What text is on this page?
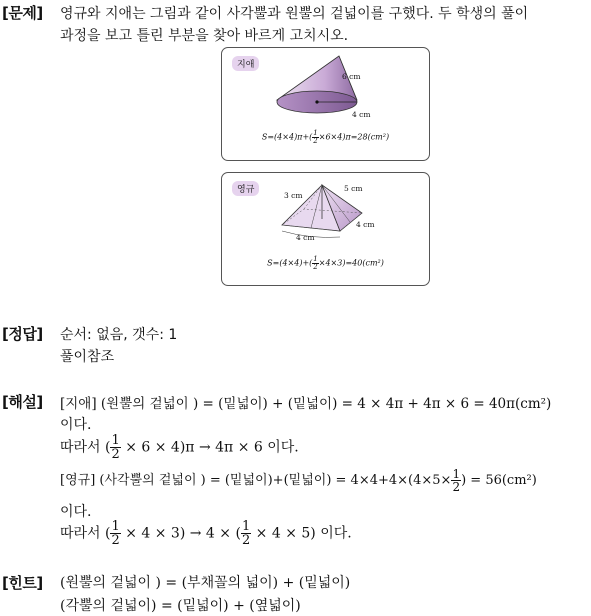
[문제] 영규와 지애는 그림과 같이 사각뿔과 원뿔의 겉넓이를 구했다. 두 학생의 풀이
과정을 보고 틀린 부분을 찾아 바르게 고치시오.
지애
6 cm
4 cm
$S=(4\times 4)\pi+( \frac{1}{2} \times 6\times 4)\pi=28(cm^2)$
영규
3 cm
5 cm
4 cm
4 cm
$S=(4\times 4)+( \frac{1}{2} \times 4\times 3)=40(cm^2)$
[정답] 순서: 없음, 갯수: 1
풀이참조
[해설] [지애] (원뿔의 겉넓이 ) = (밑넓이) + (밑넓이) = 4 × 4π + 4π × 6 = 40π(cm²)
이다.
따라서 ( $\frac{1}{2} \times 6 \times 4)\pi \to 4\pi \times 6$ 이다.
[영규] (사각뿔의 겉넓이 ) = (밑넓이)+(밑넓이) = $4\times 4+4\times(4\times 5\times \frac{1}{2}$ ) = 56(cm²)
이다.
따라서 ( $\frac{1}{2} \times 4 \times 3) \to 4$ × ( $\frac{1}{2} \times 4 \times 5$) 이다.
[힌트] (원뿔의 겉넓이 ) = (부채꼴의 넓이) + (밑넓이)
(각뿔의 겉넓이) = (밑넓이) + (옆넓이)
